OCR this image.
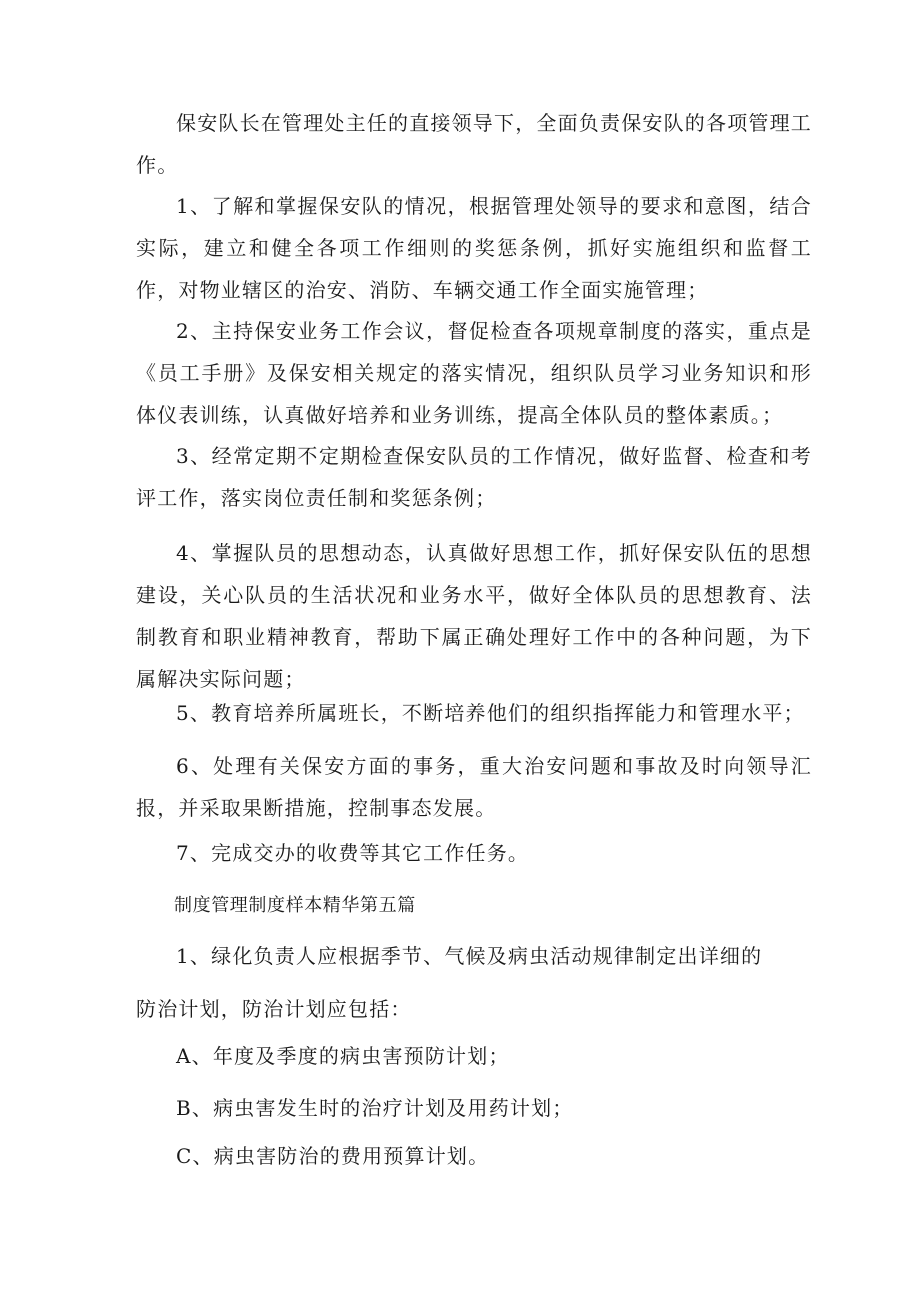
保安队长在管理处主任的直接领导下，全面负责保安队的各项管理工作。

1、了解和掌握保安队的情况，根据管理处领导的要求和意图，结合实际，建立和健全各项工作细则的奖惩条例，抓好实施组织和监督工作，对物业辖区的治安、消防、车辆交通工作全面实施管理；

2、主持保安业务工作会议，督促检查各项规章制度的落实，重点是《员工手册》及保安相关规定的落实情况，组织队员学习业务知识和形体仪表训练，认真做好培养和业务训练，提高全体队员的整体素质。；

3、经常定期不定期检查保安队员的工作情况，做好监督、检查和考评工作，落实岗位责任制和奖惩条例；

4、掌握队员的思想动态，认真做好思想工作，抓好保安队伍的思想建设，关心队员的生活状况和业务水平，做好全体队员的思想教育、法制教育和职业精神教育，帮助下属正确处理好工作中的各种问题，为下属解决实际问题；

5、教育培养所属班长，不断培养他们的组织指挥能力和管理水平；

6、处理有关保安方面的事务，重大治安问题和事故及时向领导汇报，并采取果断措施，控制事态发展。

7、完成交办的收费等其它工作任务。

制度管理制度样本精华第五篇

1、绿化负责人应根据季节、气候及病虫活动规律制定出详细的

防治计划，防治计划应包括：

A、年度及季度的病虫害预防计划；

B、病虫害发生时的治疗计划及用药计划；

C、病虫害防治的费用预算计划。
